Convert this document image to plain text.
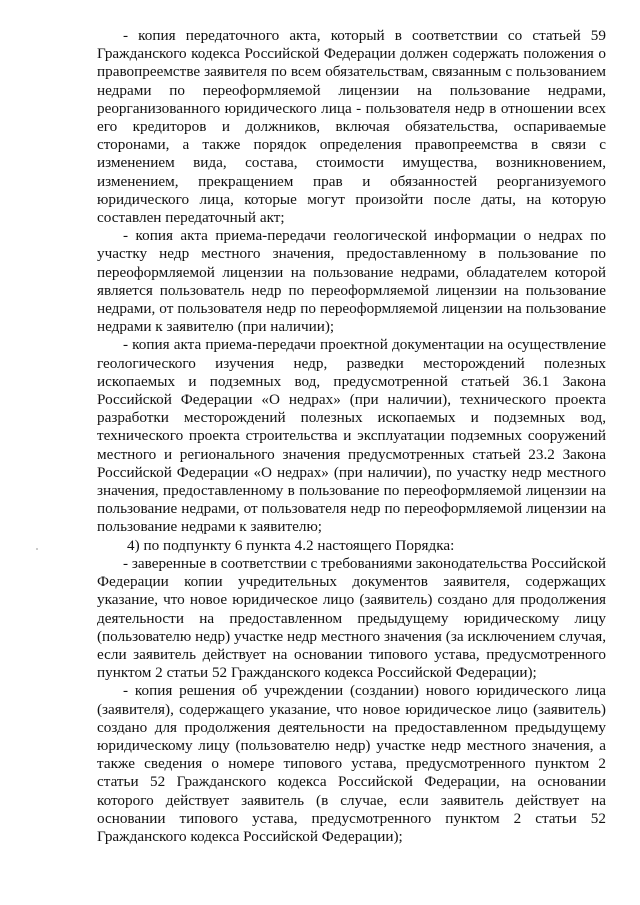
- копия передаточного акта, который в соответствии со статьей 59 Гражданского кодекса Российской Федерации должен содержать положения о правопреемстве заявителя по всем обязательствам, связанным с пользованием недрами по переоформляемой лицензии на пользование недрами, реорганизованного юридического лица - пользователя недр в отношении всех его кредиторов и должников, включая обязательства, оспариваемые сторонами, а также порядок определения правопреемства в связи с изменением вида, состава, стоимости имущества, возникновением, изменением, прекращением прав и обязанностей реорганизуемого юридического лица, которые могут произойти после даты, на которую составлен передаточный акт;

- копия акта приема-передачи геологической информации о недрах по участку недр местного значения, предоставленному в пользование по переоформляемой лицензии на пользование недрами, обладателем которой является пользователь недр по переоформляемой лицензии на пользование недрами, от пользователя недр по переоформляемой лицензии на пользование недрами к заявителю (при наличии);

- копия акта приема-передачи проектной документации на осуществление геологического изучения недр, разведки месторождений полезных ископаемых и подземных вод, предусмотренной статьей 36.1 Закона Российской Федерации «О недрах» (при наличии), технического проекта разработки месторождений полезных ископаемых и подземных вод, технического проекта строительства и эксплуатации подземных сооружений местного и регионального значения предусмотренных статьей 23.2 Закона Российской Федерации «О недрах» (при наличии), по участку недр местного значения, предоставленному в пользование по переоформляемой лицензии на пользование недрами, от пользователя недр по переоформляемой лицензии на пользование недрами к заявителю;

4) по подпункту 6 пункта 4.2 настоящего Порядка:

- заверенные в соответствии с требованиями законодательства Российской Федерации копии учредительных документов заявителя, содержащих указание, что новое юридическое лицо (заявитель) создано для продолжения деятельности на предоставленном предыдущему юридическому лицу (пользователю недр) участке недр местного значения (за исключением случая, если заявитель действует на основании типового устава, предусмотренного пунктом 2 статьи 52 Гражданского кодекса Российской Федерации);

- копия решения об учреждении (создании) нового юридического лица (заявителя), содержащего указание, что новое юридическое лицо (заявитель) создано для продолжения деятельности на предоставленном предыдущему юридическому лицу (пользователю недр) участке недр местного значения, а также сведения о номере типового устава, предусмотренного пунктом 2 статьи 52 Гражданского кодекса Российской Федерации, на основании которого действует заявитель (в случае, если заявитель действует на основании типового устава, предусмотренного пунктом 2 статьи 52 Гражданского кодекса Российской Федерации);
